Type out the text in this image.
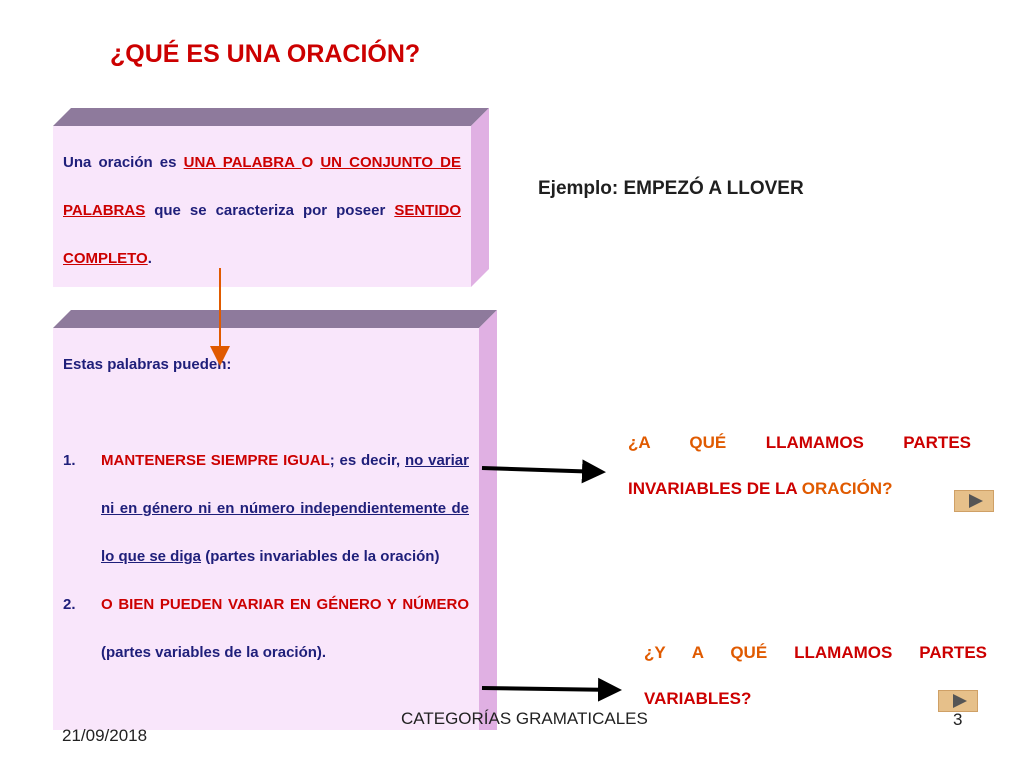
¿QUÉ ES UNA ORACIÓN?
Una oración es UNA PALABRA O UN CONJUNTO DE PALABRAS que se caracteriza por poseer SENTIDO COMPLETO.
Ejemplo: EMPEZÓ A LLOVER
Estas palabras pueden:
1. MANTENERSE SIEMPRE IGUAL; es decir, no variar ni en género ni en número independientemente de lo que se diga (partes invariables de la oración)
2. O BIEN PUEDEN VARIAR EN GÉNERO Y NÚMERO (partes variables de la oración).
¿A QUÉ LLAMAMOS PARTES INVARIABLES DE LA ORACIÓN?
¿Y A QUÉ LLAMAMOS PARTES VARIABLES?
21/09/2018
CATEGORÍAS GRAMATICALES	3
